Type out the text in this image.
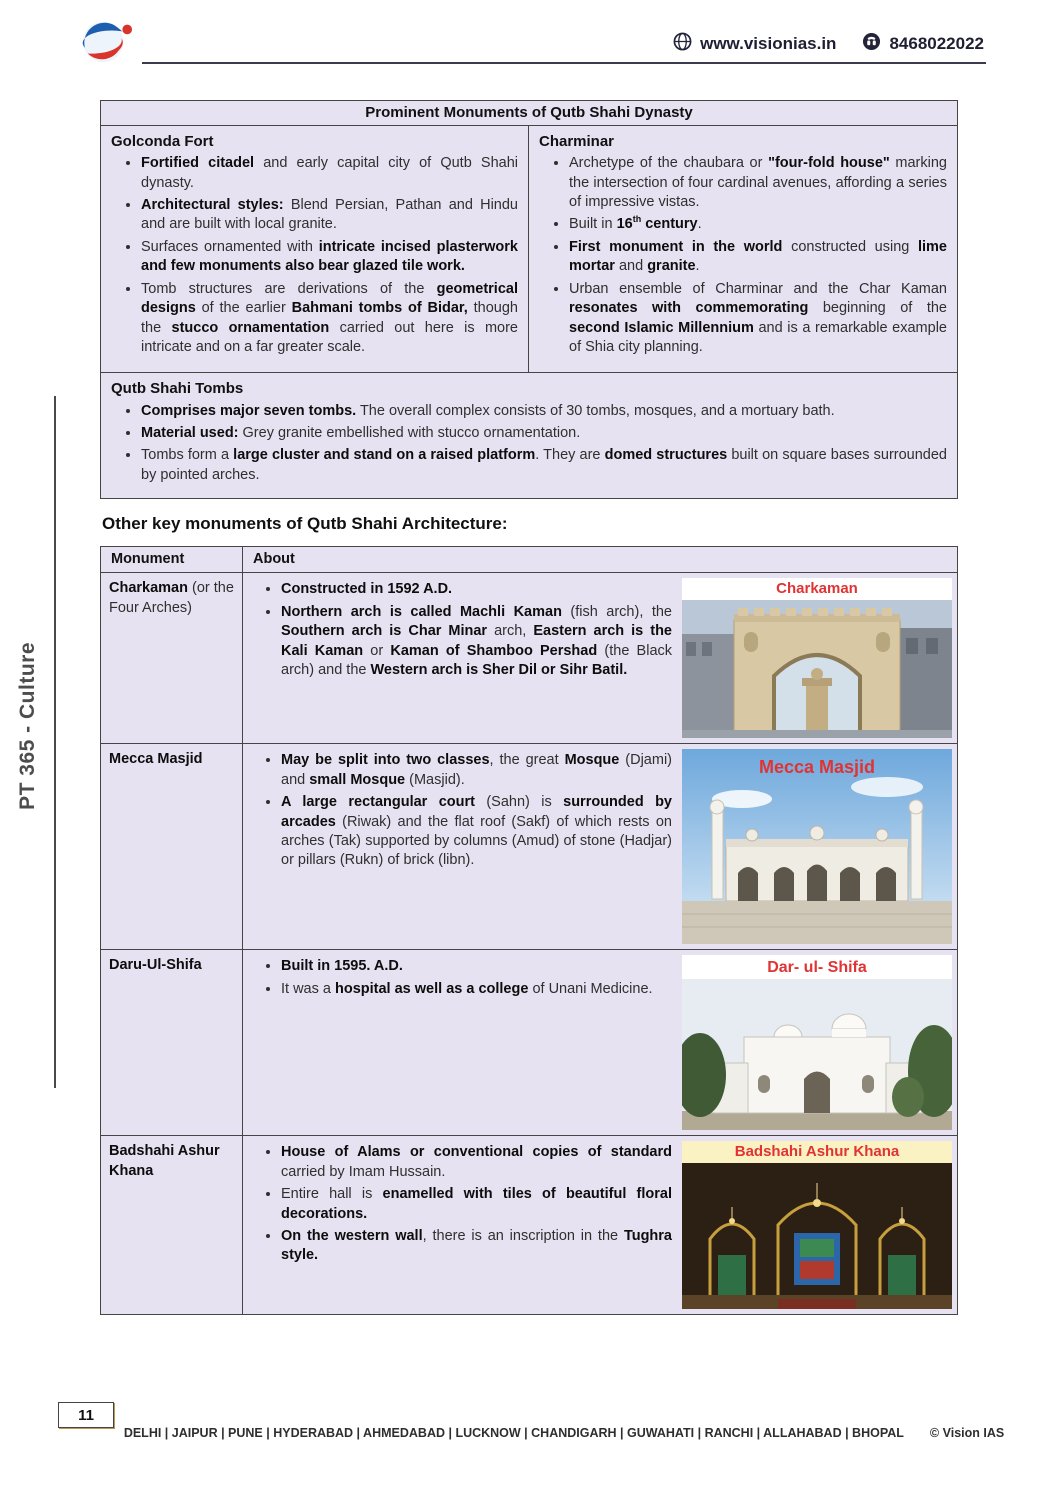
www.visionias.in	8468022022
PT 365 - Culture
Prominent Monuments of Qutb Shahi Dynasty
Golconda Fort
• Fortified citadel and early capital city of Qutb Shahi dynasty.
• Architectural styles: Blend Persian, Pathan and Hindu and are built with local granite.
• Surfaces ornamented with intricate incised plasterwork and few monuments also bear glazed tile work.
• Tomb structures are derivations of the geometrical designs of the earlier Bahmani tombs of Bidar, though the stucco ornamentation carried out here is more intricate and on a far greater scale.
Charminar
• Archetype of the chaubara or "four-fold house" marking the intersection of four cardinal avenues, affording a series of impressive vistas.
• Built in 16th century.
• First monument in the world constructed using lime mortar and granite.
• Urban ensemble of Charminar and the Char Kaman resonates with commemorating beginning of the second Islamic Millennium and is a remarkable example of Shia city planning.
Qutb Shahi Tombs
• Comprises major seven tombs. The overall complex consists of 30 tombs, mosques, and a mortuary bath.
• Material used: Grey granite embellished with stucco ornamentation.
• Tombs form a large cluster and stand on a raised platform. They are domed structures built on square bases surrounded by pointed arches.
Other key monuments of Qutb Shahi Architecture:
Monument	About
Charkaman (or the Four Arches)
• Constructed in 1592 A.D.
• Northern arch is called Machli Kaman (fish arch), the Southern arch is Char Minar arch, Eastern arch is the Kali Kaman or Kaman of Shamboo Pershad (the Black arch) and the Western arch is Sher Dil or Sihr Batil.
Charkaman
Mecca Masjid	• May be split into two classes, the great Mosque (Djami) and small Mosque (Masjid).
• A large rectangular court (Sahn) is surrounded by arcades (Riwak) and the flat roof (Sakf) of which rests on arches (Tak) supported by columns (Amud) of stone (Hadjar) or pillars (Rukn) of brick (libn).
Mecca Masjid
Daru-Ul-Shifa	• Built in 1595. A.D.
• It was a hospital as well as a college of Unani Medicine.
Dar- ul- Shifa
Badshahi Ashur Khana
• House of Alams or conventional copies of standard carried by Imam Hussain.
• Entire hall is enamelled with tiles of beautiful floral decorations.
• On the western wall, there is an inscription in the Tughra style.
Badshahi Ashur Khana
11
DELHI | JAIPUR | PUNE | HYDERABAD | AHMEDABAD | LUCKNOW | CHANDIGARH | GUWAHATI | RANCHI | ALLAHABAD | BHOPAL © Vision IAS
